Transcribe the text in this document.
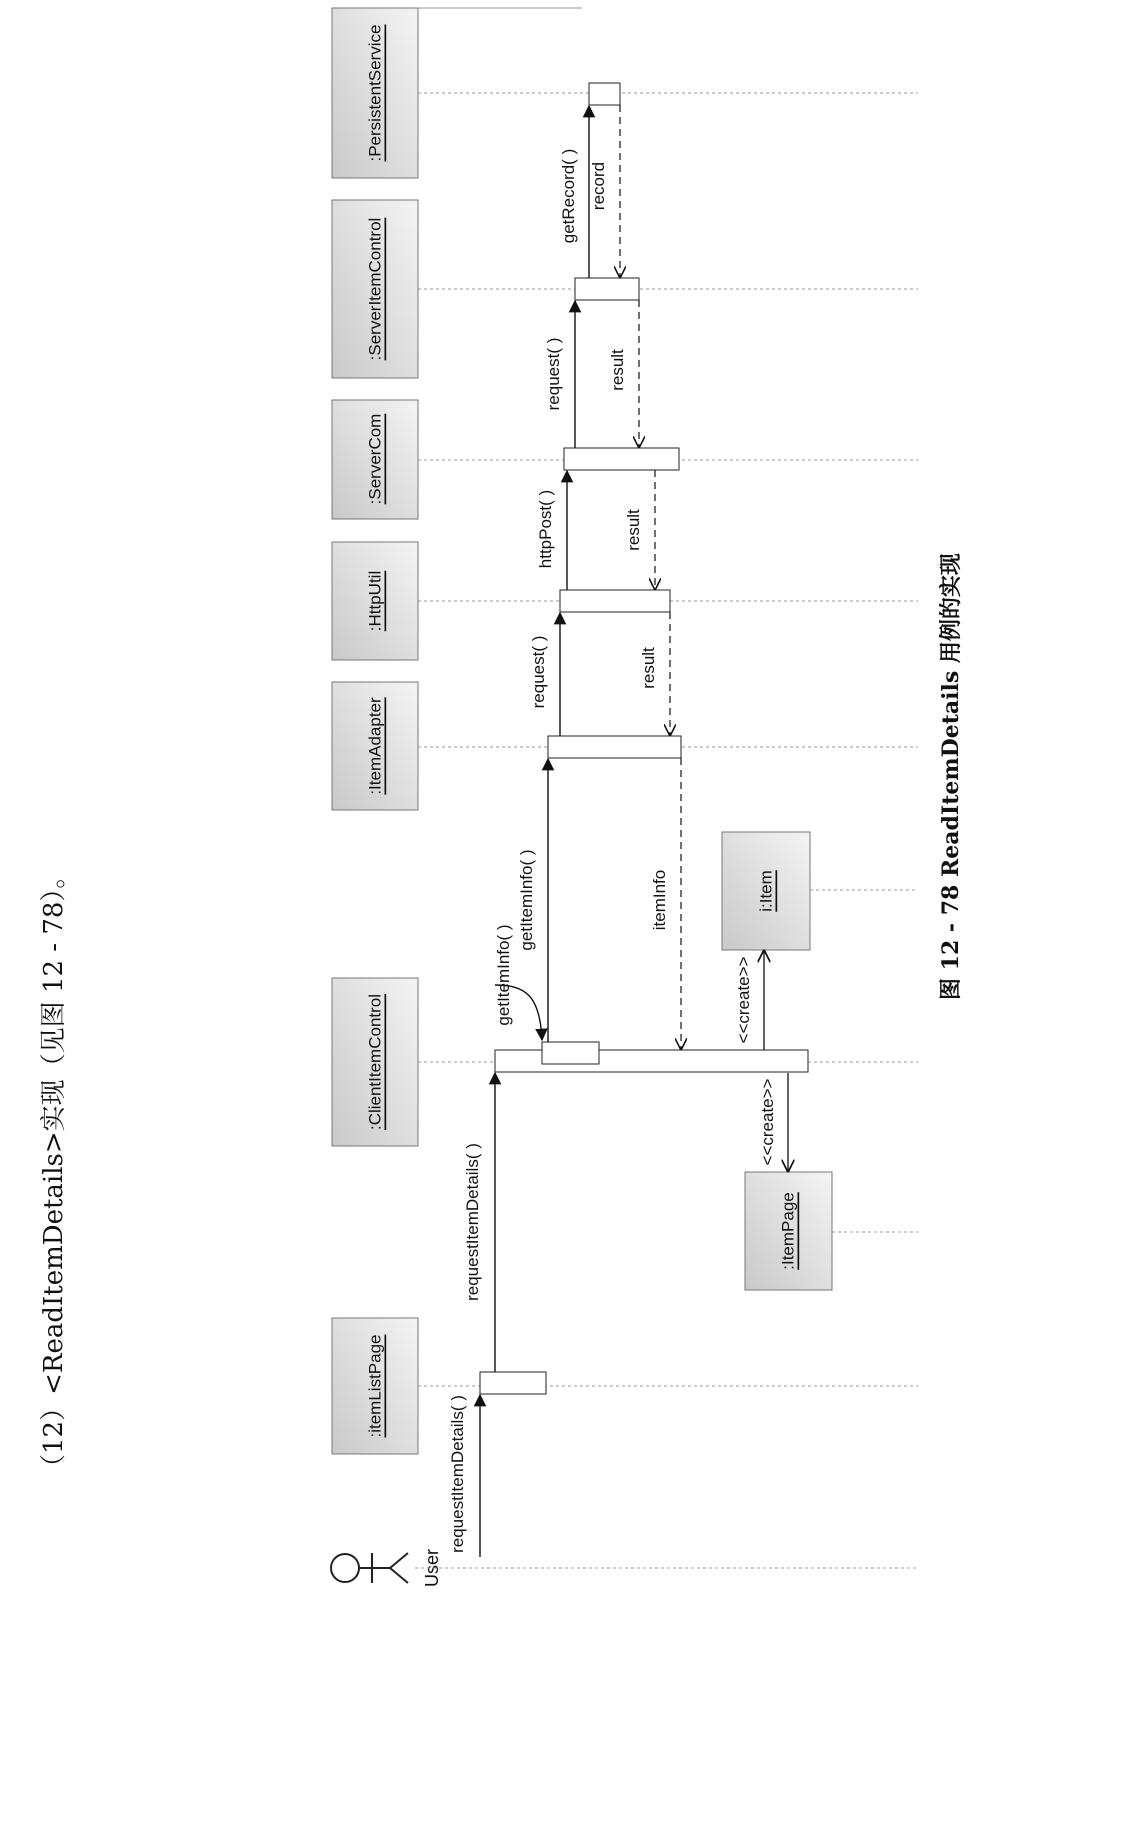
（12）<ReadItemDetails>实现（见图 12 - 78）。
图 12 - 78 ReadItemDetails 用例的实现
User
:itemListPage
:ClientItemControl
:ItemPage
i:Item
:ItemAdapter
:HttpUtil
:ServerCom
:ServerItemControl
:PersistentService
requestItemDetails( )
requestItemDetails( )
getItemInfo( )
getItemInfo( )
request( )
httpPost( )
request( )
getRecord( ) record
result
result
result
itemInfo
<<create>>
<<create>>
